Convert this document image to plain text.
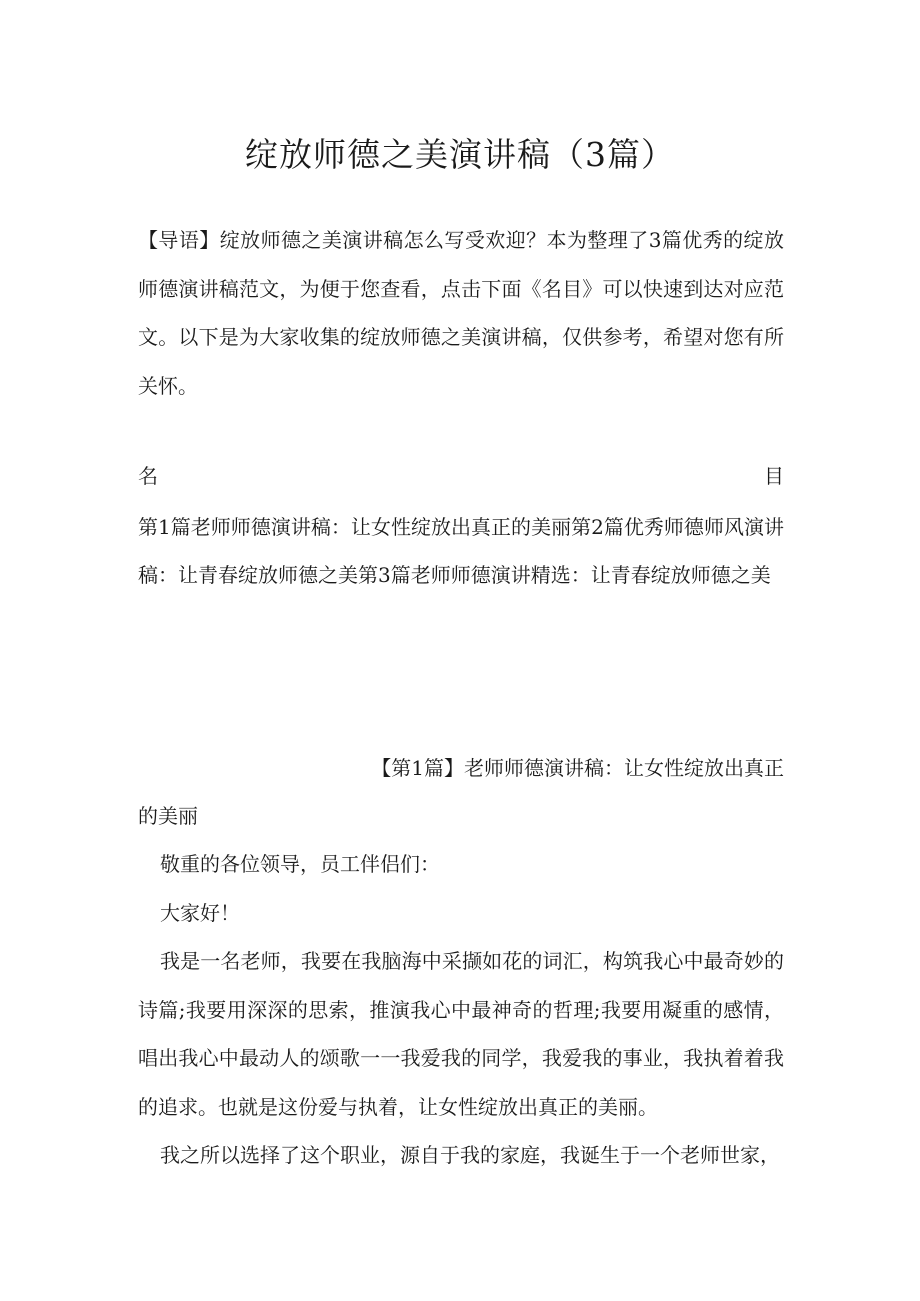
绽放师德之美演讲稿（3篇）
【导语】绽放师德之美演讲稿怎么写受欢迎？本为整理了3篇优秀的绽放师德演讲稿范文，为便于您查看，点击下面《名目》可以快速到达对应范文。以下是为大家收集的绽放师德之美演讲稿，仅供参考，希望对您有所关怀。
名	目
第1篇老师师德演讲稿：让女性绽放出真正的美丽第2篇优秀师德师风演讲稿：让青春绽放师德之美第3篇老师师德演讲精选：让青春绽放师德之美
【第1篇】老师师德演讲稿：让女性绽放出真正
的美丽

敬重的各位领导，员工伴侣们：

大家好！

我是一名老师，我要在我脑海中采撷如花的词汇，构筑我心中最奇妙的诗篇;我要用深深的思索，推演我心中最神奇的哲理;我要用凝重的感情，唱出我心中最动人的颂歌一一我爱我的同学，我爱我的事业，我执着着我的追求。也就是这份爱与执着，让女性绽放出真正的美丽。

我之所以选择了这个职业，源自于我的家庭，我诞生于一个老师世家，
